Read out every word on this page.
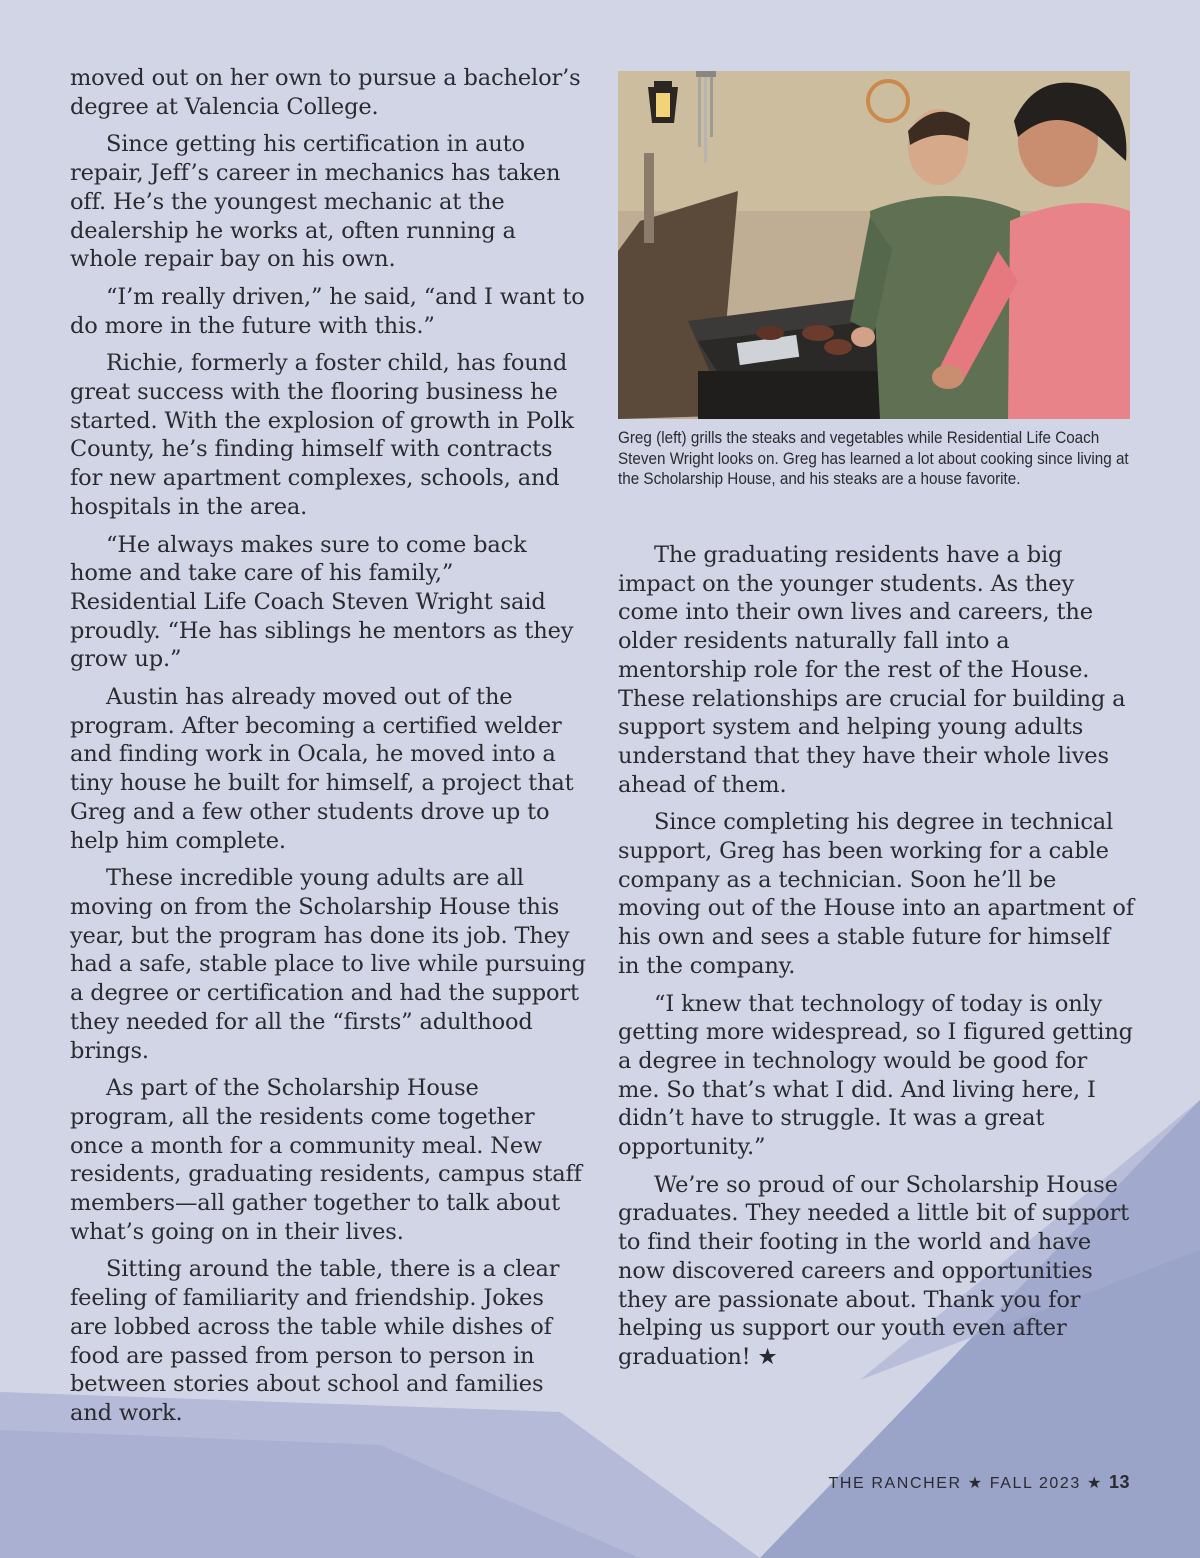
moved out on her own to pursue a bachelor’s degree at Valencia College.

Since getting his certification in auto repair, Jeff’s career in mechanics has taken off. He’s the youngest mechanic at the dealership he works at, often running a whole repair bay on his own.

“I’m really driven,” he said, “and I want to do more in the future with this.”

Richie, formerly a foster child, has found great success with the flooring business he started. With the explosion of growth in Polk County, he’s finding himself with contracts for new apartment complexes, schools, and hospitals in the area.

“He always makes sure to come back home and take care of his family,” Residential Life Coach Steven Wright said proudly. “He has siblings he mentors as they grow up.”

Austin has already moved out of the program. After becoming a certified welder and finding work in Ocala, he moved into a tiny house he built for himself, a project that Greg and a few other students drove up to help him complete.

These incredible young adults are all moving on from the Scholarship House this year, but the program has done its job. They had a safe, stable place to live while pursuing a degree or certification and had the support they needed for all the “firsts” adulthood brings.

As part of the Scholarship House program, all the residents come together once a month for a community meal. New residents, graduating residents, campus staff members—all gather together to talk about what’s going on in their lives.

Sitting around the table, there is a clear feeling of familiarity and friendship. Jokes are lobbed across the table while dishes of food are passed from person to person in between stories about school and families and work.

Greg (left) grills the steaks and vegetables while Residential Life Coach Steven Wright looks on. Greg has learned a lot about cooking since living at the Scholarship House, and his steaks are a house favorite.

The graduating residents have a big impact on the younger students. As they come into their own lives and careers, the older residents naturally fall into a mentorship role for the rest of the House. These relationships are crucial for building a support system and helping young adults understand that they have their whole lives ahead of them.

Since completing his degree in technical support, Greg has been working for a cable company as a technician. Soon he’ll be moving out of the House into an apartment of his own and sees a stable future for himself in the company.

“I knew that technology of today is only getting more widespread, so I figured getting a degree in technology would be good for me. So that’s what I did. And living here, I didn’t have to struggle. It was a great opportunity.”

We’re so proud of our Scholarship House graduates. They needed a little bit of support to find their footing in the world and have now discovered careers and opportunities they are passionate about. Thank you for helping us support our youth even after graduation! ★

THE RANCHER ★ FALL 2023 ★ 13
